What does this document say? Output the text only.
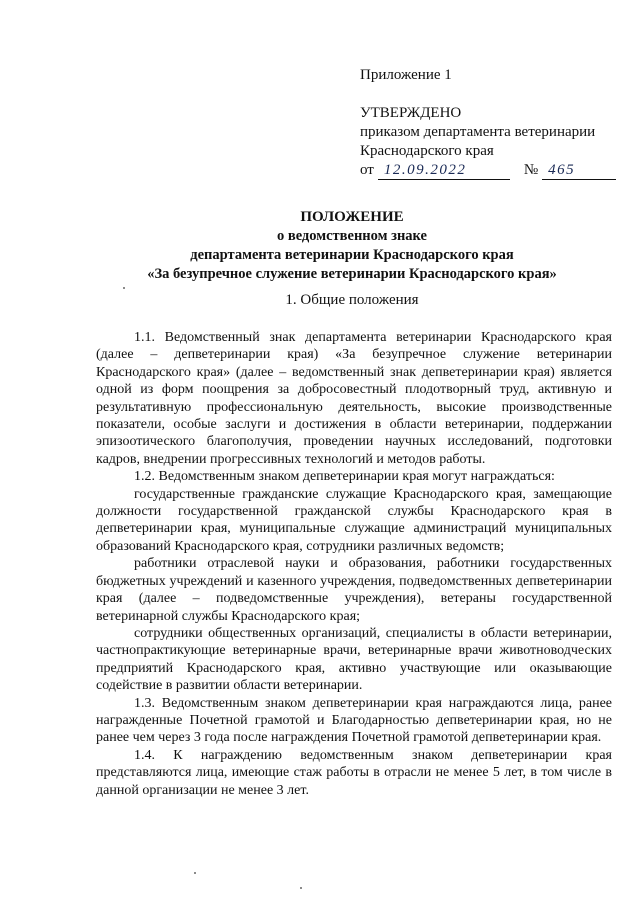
Приложение 1
УТВЕРЖДЕНО
приказом департамента ветеринарии
Краснодарского края
от 12.09.2022	№ 465
ПОЛОЖЕНИЕ
о ведомственном знаке
департамента ветеринарии Краснодарского края
«За безупречное служение ветеринарии Краснодарского края»
1. Общие положения

1.1. Ведомственный знак департамента ветеринарии Краснодарского края (далее – депветеринарии края) «За безупречное служение ветеринарии Краснодарского края» (далее – ведомственный знак депветеринарии края) является одной из форм поощрения за добросовестный плодотворный труд, активную и результативную профессиональную деятельность, высокие производственные показатели, особые заслуги и достижения в области ветеринарии, поддержании эпизоотического благополучия, проведении научных исследований, подготовки кадров, внедрении прогрессивных технологий и методов работы.

1.2. Ведомственным знаком депветеринарии края могут награждаться:

государственные гражданские служащие Краснодарского края, замещающие должности государственной гражданской службы Краснодарского края в депветеринарии края, муниципальные служащие администраций муниципальных образований Краснодарского края, сотрудники различных ведомств;

работники отраслевой науки и образования, работники государственных бюджетных учреждений и казенного учреждения, подведомственных депветеринарии края (далее – подведомственные учреждения), ветераны государственной ветеринарной службы Краснодарского края;

сотрудники общественных организаций, специалисты в области ветеринарии, частнопрактикующие ветеринарные врачи, ветеринарные врачи животноводческих предприятий Краснодарского края, активно участвующие или оказывающие содействие в развитии области ветеринарии.

1.3. Ведомственным знаком депветеринарии края награждаются лица, ранее награжденные Почетной грамотой и Благодарностью депветеринарии края, но не ранее чем через 3 года после награждения Почетной грамотой депветеринарии края.

1.4. К награждению ведомственным знаком депветеринарии края представляются лица, имеющие стаж работы в отрасли не менее 5 лет, в том числе в данной организации не менее 3 лет.
